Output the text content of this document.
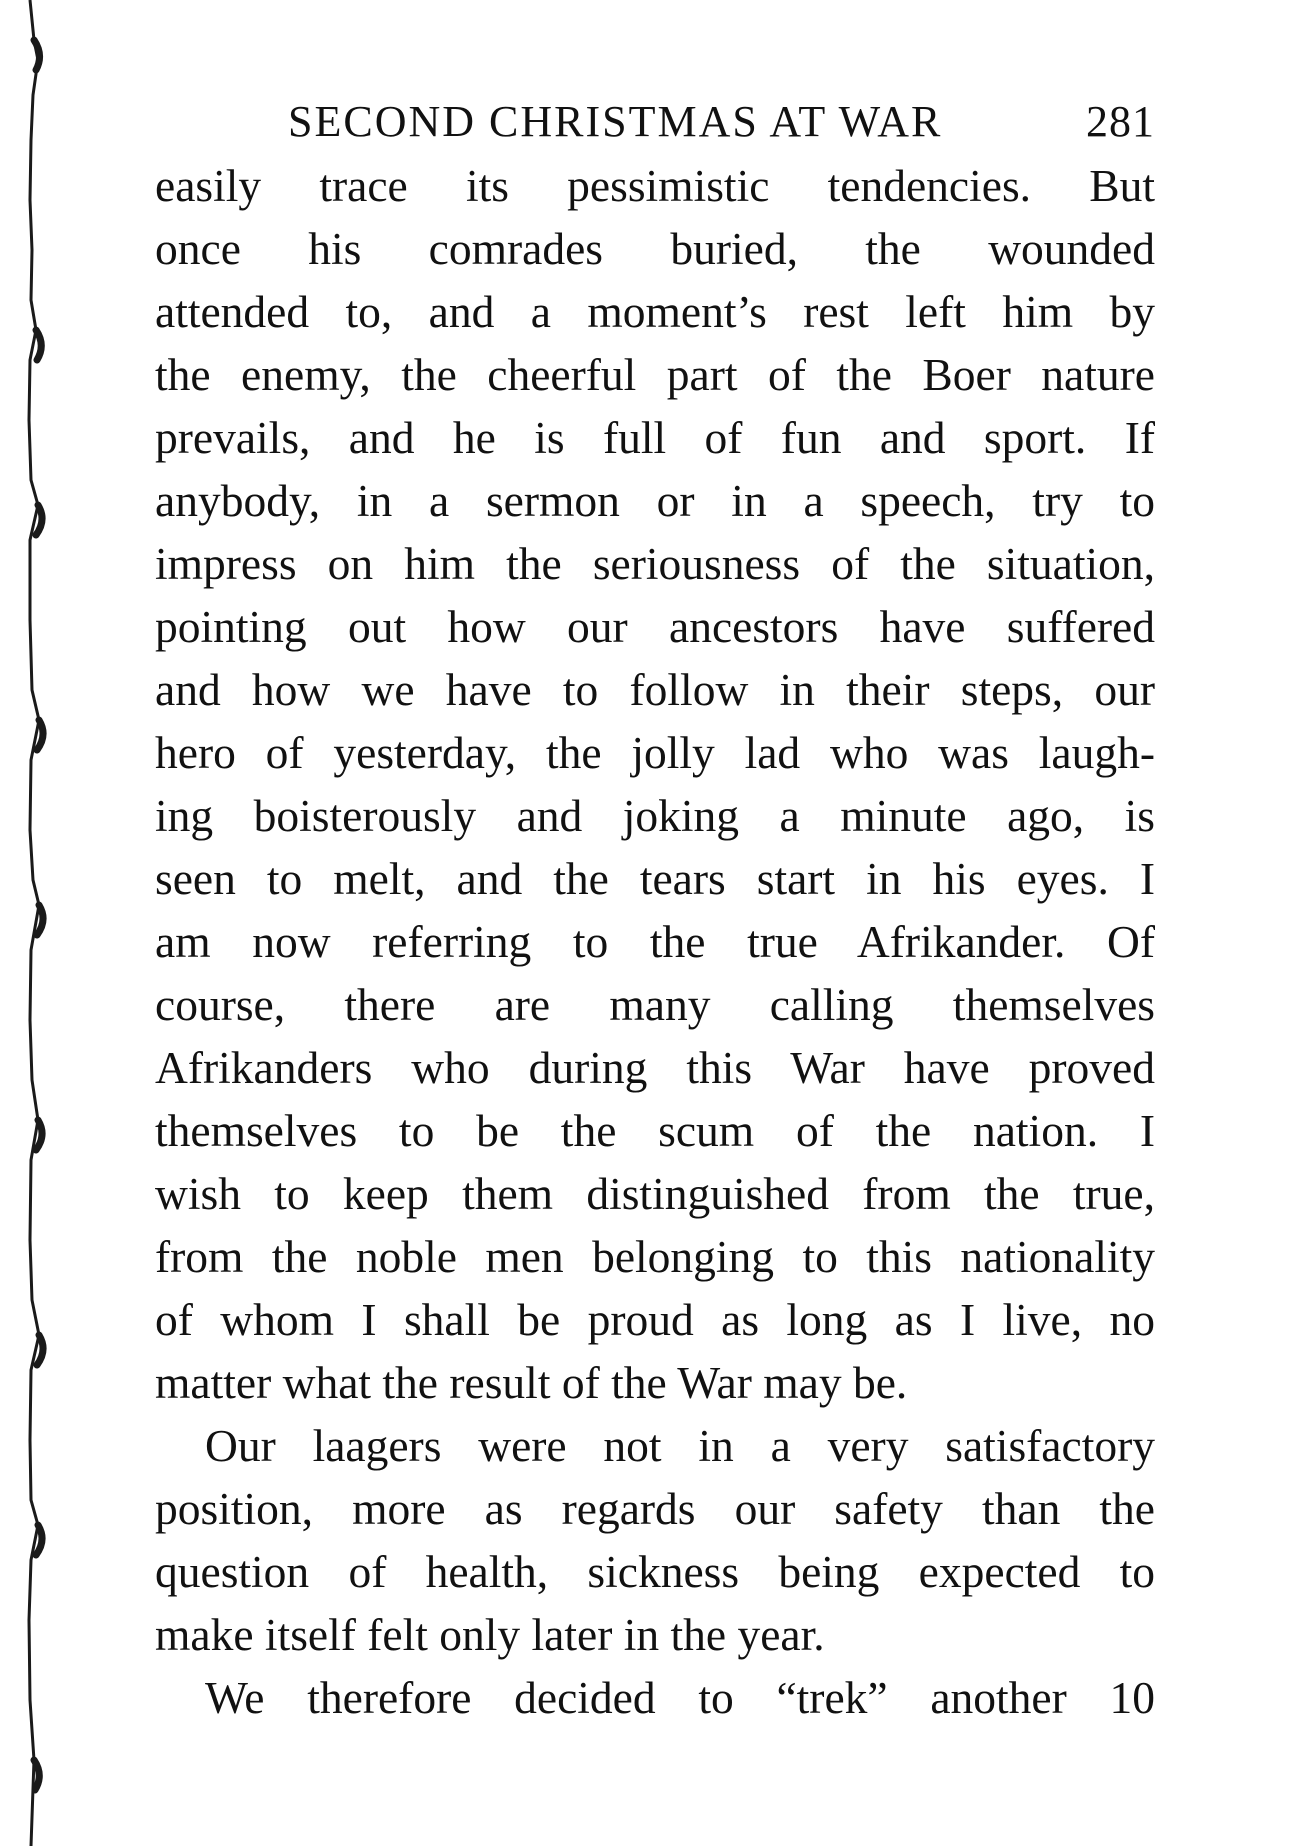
SECOND CHRISTMAS AT WAR	281
easily trace its pessimistic tendencies. But
once his comrades buried, the wounded
attended to, and a moment’s rest left him by
the enemy, the cheerful part of the Boer nature
prevails, and he is full of fun and sport. If
anybody, in a sermon or in a speech, try to
impress on him the seriousness of the situation,
pointing out how our ancestors have suffered
and how we have to follow in their steps, our
hero of yesterday, the jolly lad who was laugh-
ing boisterously and joking a minute ago, is
seen to melt, and the tears start in his eyes. I
am now referring to the true Afrikander. Of
course, there are many calling themselves
Afrikanders who during this War have proved
themselves to be the scum of the nation. I
wish to keep them distinguished from the true,
from the noble men belonging to this nationality
of whom I shall be proud as long as I live, no
matter what the result of the War may be.
Our laagers were not in a very satisfactory
position, more as regards our safety than the
question of health, sickness being expected to
make itself felt only later in the year.
We therefore decided to “trek” another 10
